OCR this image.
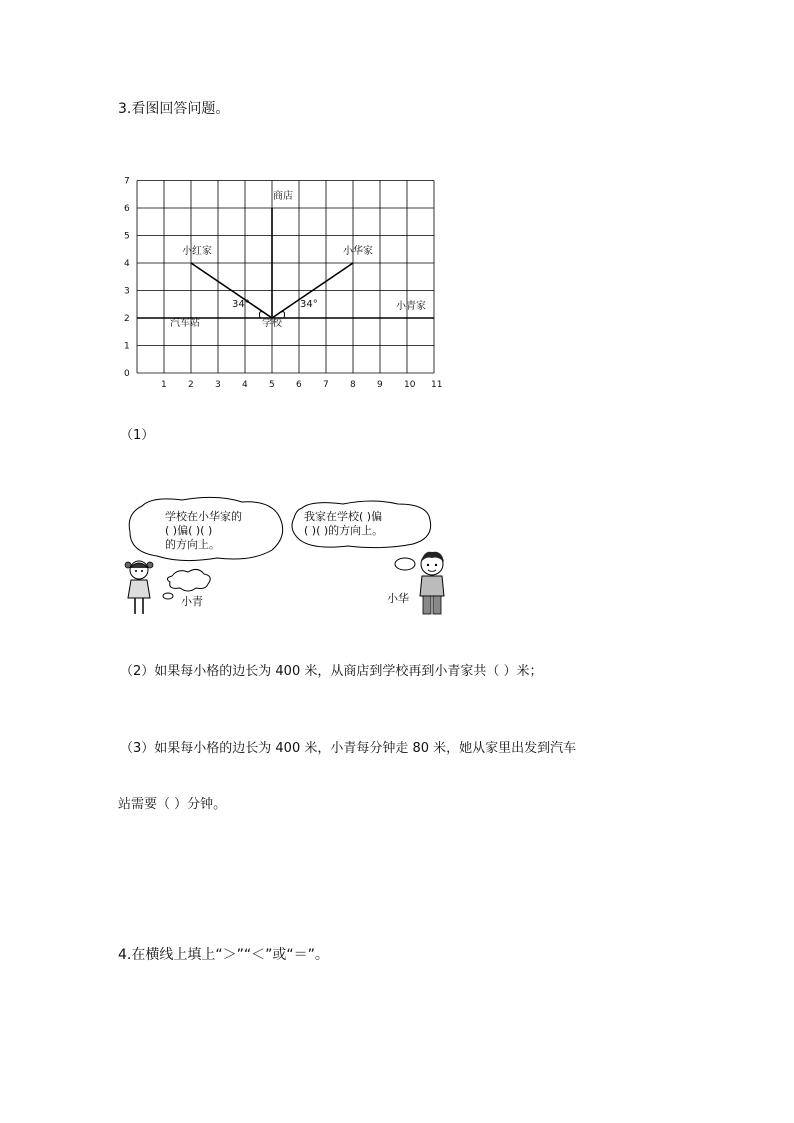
3.看图回答问题。
1 2 3 4 5 6 7 8 9 10 11
0
1
2
3
4
5
6
7
商店
小红家	小华家
小青家
汽车站	学校
34°	34°
（1）
学校在小华家的
( )偏( )( )
的方向上。
小青
我家在学校( )偏
( )( )的方向上。
小华
（2）如果每小格的边长为 400 米，从商店到学校再到小青家共（ ）米；
（3）如果每小格的边长为 400 米，小青每分钟走 80 米，她从家里出发到汽车
站需要（ ）分钟。
4.在横线上填上“＞”“＜”或“＝”。
